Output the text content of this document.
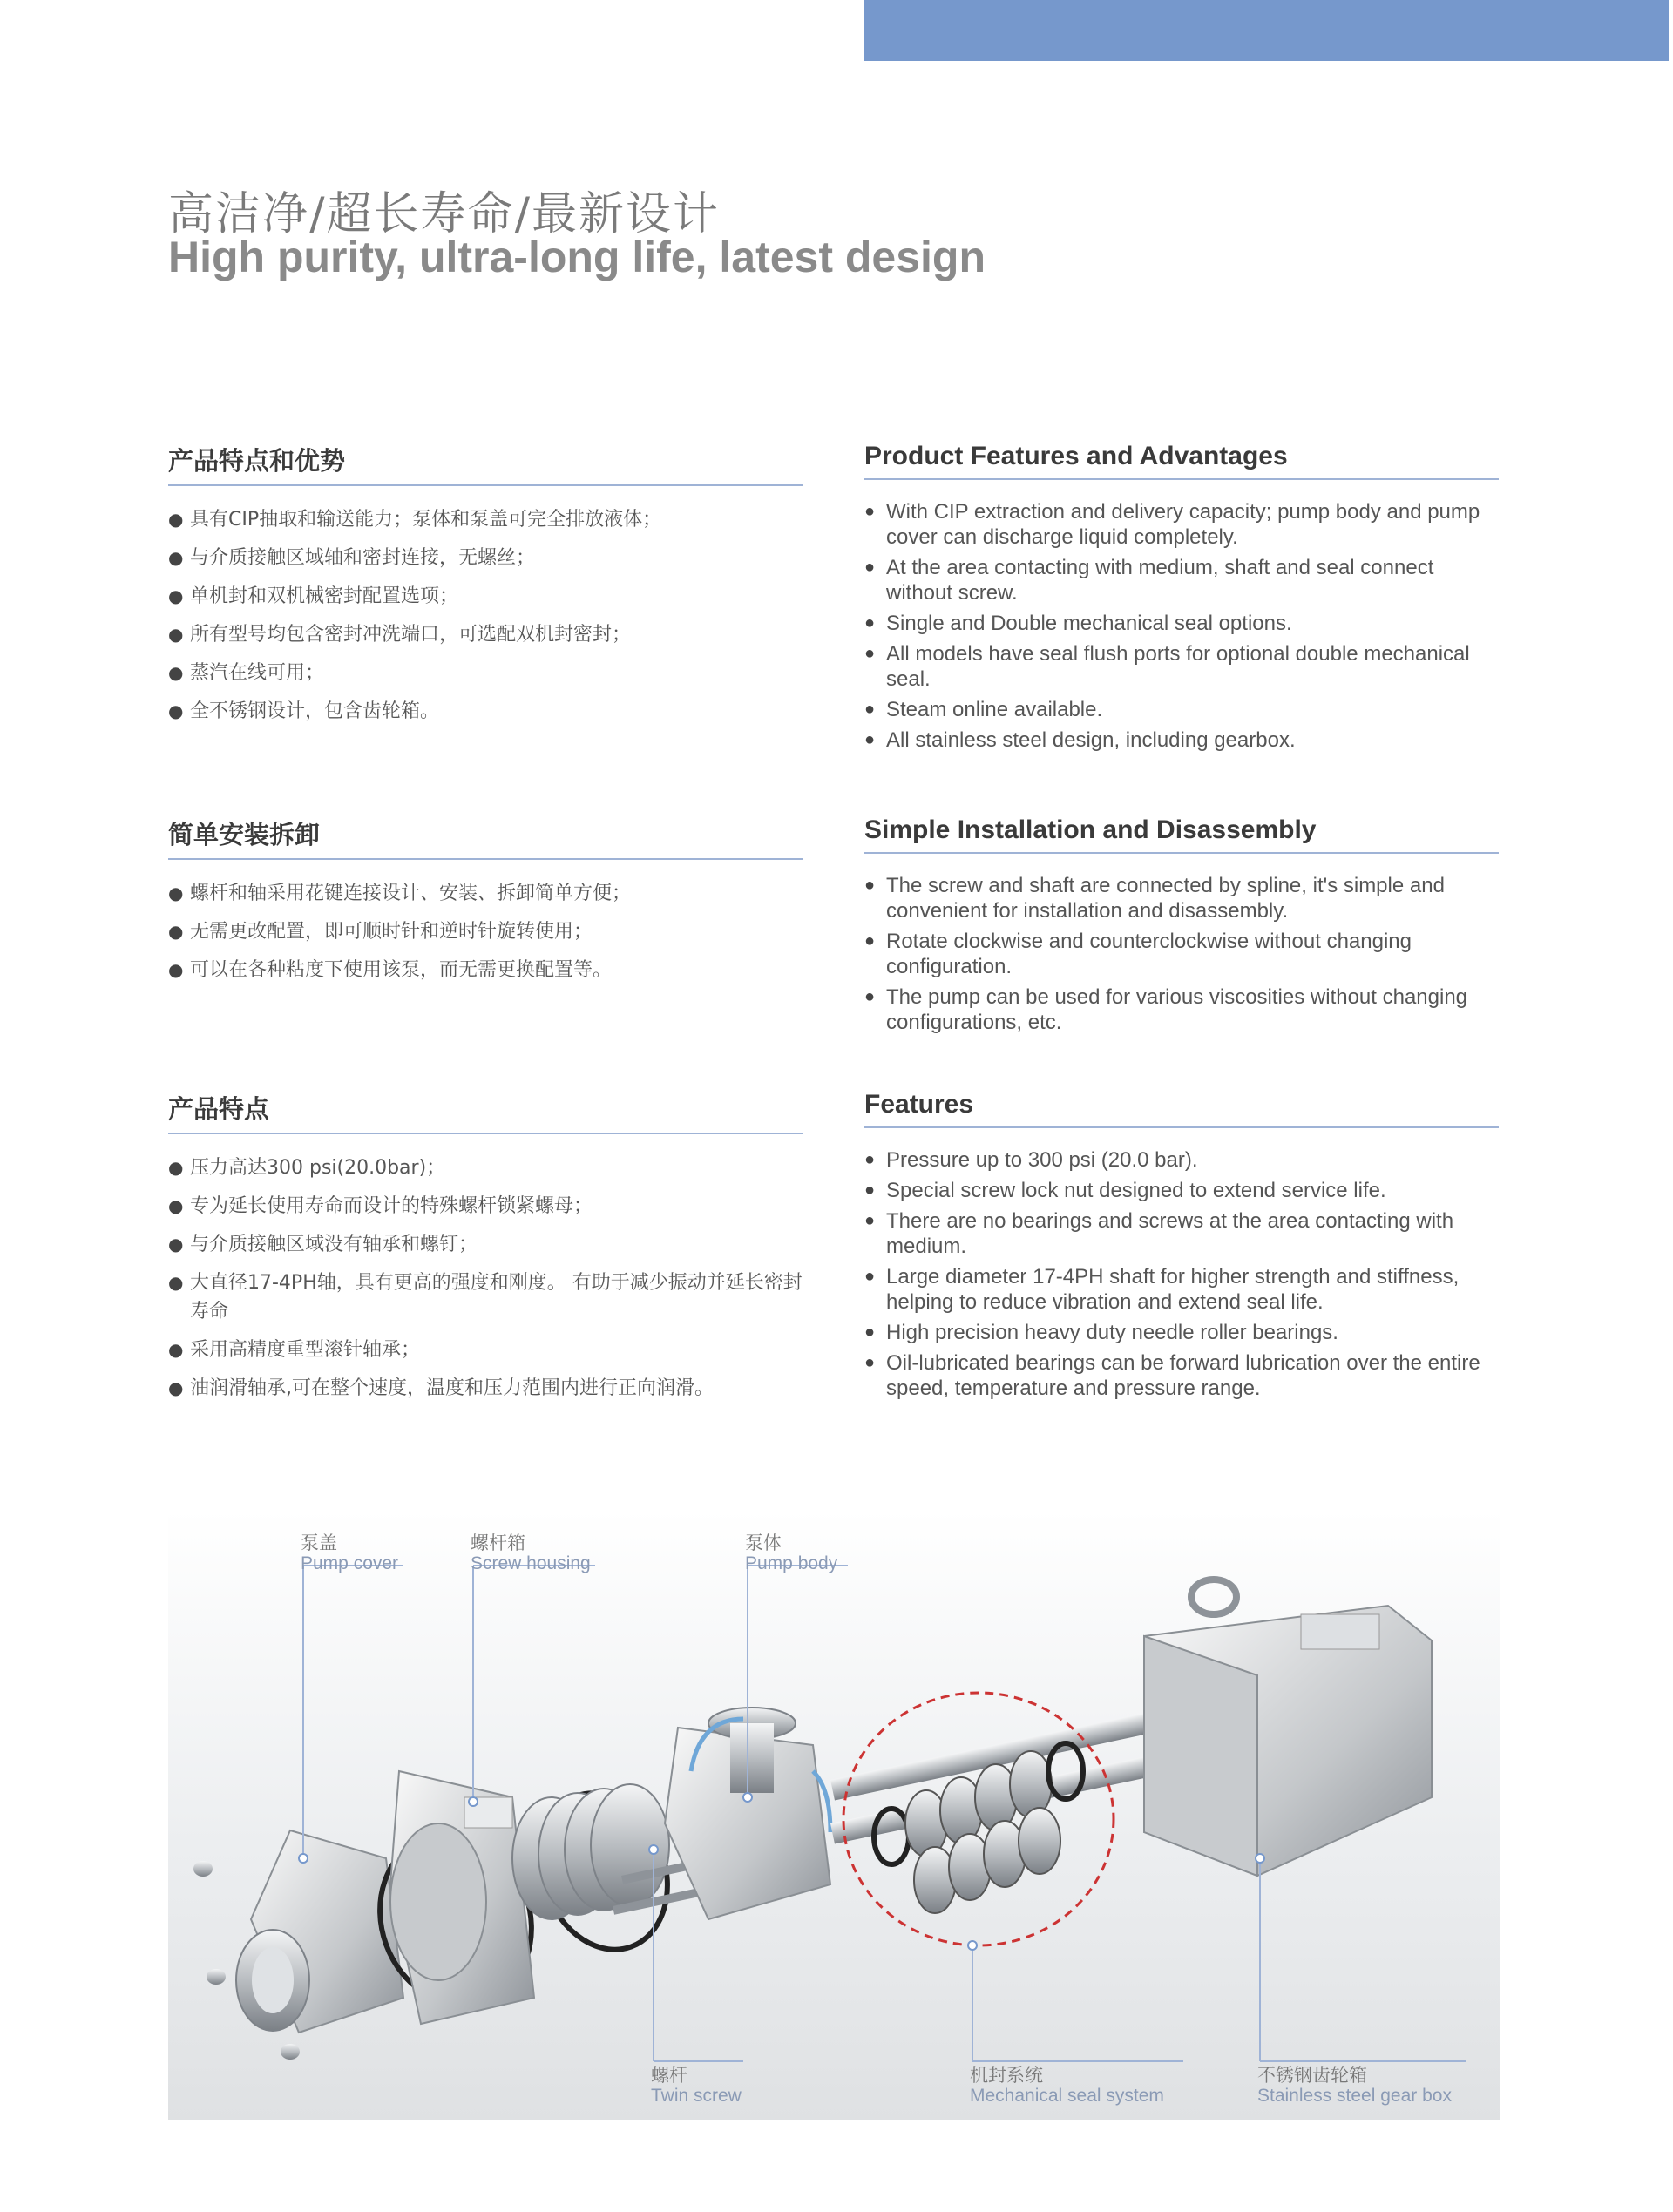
高洁净/超长寿命/最新设计
High purity, ultra-long life, latest design
产品特点和优势
● 具有CIP抽取和输送能力；泵体和泵盖可完全排放液体；
● 与介质接触区域轴和密封连接，无螺丝；
● 单机封和双机械密封配置选项；
● 所有型号均包含密封冲洗端口，可选配双机封密封；
● 蒸汽在线可用；
● 全不锈钢设计，包含齿轮箱。
Product Features and Advantages
● With CIP extraction and delivery capacity; pump body and pump cover can discharge liquid completely.
● At the area contacting with medium, shaft and seal connect without screw.
● Single and Double mechanical seal options.
● All models have seal flush ports for optional double mechanical seal.
● Steam online available.
● All stainless steel design, including gearbox.
简单安装拆卸
● 螺杆和轴采用花键连接设计、安装、拆卸简单方便；
● 无需更改配置，即可顺时针和逆时针旋转使用；
● 可以在各种粘度下使用该泵，而无需更换配置等。
Simple Installation and Disassembly
● The screw and shaft are connected by spline, it's simple and convenient for installation and disassembly.
● Rotate clockwise and counterclockwise without changing configuration.
● The pump can be used for various viscosities without changing configurations, etc.
产品特点
● 压力高达300 psi(20.0bar)；
● 专为延长使用寿命而设计的特殊螺杆锁紧螺母；
● 与介质接触区域没有轴承和螺钉；
● 大直径17-4PH轴，具有更高的强度和刚度。 有助于减少振动并延长密封寿命
● 采用高精度重型滚针轴承；
● 油润滑轴承,可在整个速度，温度和压力范围内进行正向润滑。
Features
● Pressure up to 300 psi (20.0 bar).
● Special screw lock nut designed to extend service life.
● There are no bearings and screws at the area contacting with medium.
● Large diameter 17-4PH shaft for higher strength and stiffness, helping to reduce vibration and extend seal life.
● High precision heavy duty needle roller bearings.
● Oil-lubricated bearings can be forward lubrication over the entire speed, temperature and pressure range.
泵盖
Pump cover
螺杆箱
Screw housing
泵体
Pump body
螺杆
Twin screw
机封系统
Mechanical seal system
不锈钢齿轮箱
Stainless steel gear box
